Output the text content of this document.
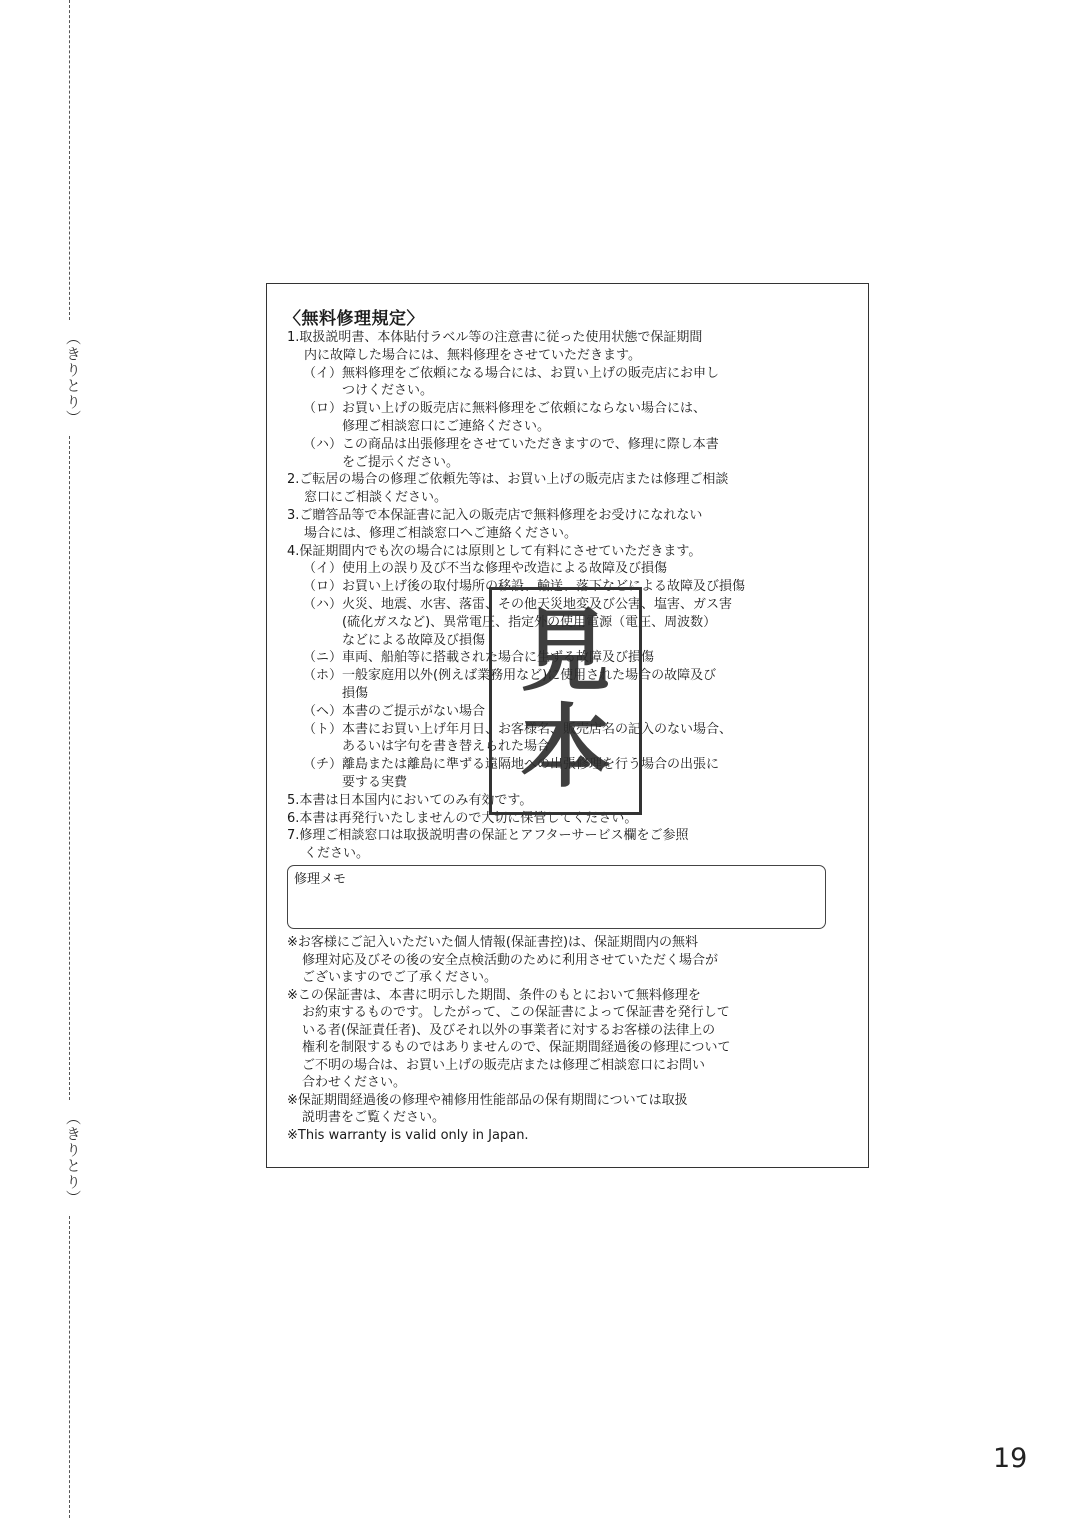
（きりとり）
（きりとり）
〈無料修理規定〉
1.取扱説明書、本体貼付ラベル等の注意書に従った使用状態で保証期間
内に故障した場合には、無料修理をさせていただきます。
（イ）無料修理をご依頼になる場合には、お買い上げの販売店にお申し
つけください。
（ロ）お買い上げの販売店に無料修理をご依頼にならない場合には、
修理ご相談窓口にご連絡ください。
（ハ）この商品は出張修理をさせていただきますので、修理に際し本書
をご提示ください。
2.ご転居の場合の修理ご依頼先等は、お買い上げの販売店または修理ご相談
窓口にご相談ください。
3.ご贈答品等で本保証書に記入の販売店で無料修理をお受けになれない
場合には、修理ご相談窓口へご連絡ください。
4.保証期間内でも次の場合には原則として有料にさせていただきます。
（イ）使用上の誤り及び不当な修理や改造による故障及び損傷
（ロ）お買い上げ後の取付場所の移設、輸送、落下などによる故障及び損傷
（ハ）火災、地震、水害、落雷、その他天災地変及び公害、塩害、ガス害
(硫化ガスなど)、異常電圧、指定外の使用電源（電圧、周波数）
などによる故障及び損傷
（ニ）車両、船舶等に搭載された場合に生ずる故障及び損傷
（ホ）一般家庭用以外(例えば業務用など)に使用された場合の故障及び
損傷
（ヘ）本書のご提示がない場合
（ト）本書にお買い上げ年月日、お客様名、販売店名の記入のない場合、
あるいは字句を書き替えられた場合
（チ）離島または離島に準ずる遠隔地への出張修理を行う場合の出張に
要する実費
5.本書は日本国内においてのみ有効です。
6.本書は再発行いたしませんので大切に保管してください。
7.修理ご相談窓口は取扱説明書の保証とアフターサービス欄をご参照
ください。
修理メモ
※お客様にご記入いただいた個人情報(保証書控)は、保証期間内の無料
修理対応及びその後の安全点検活動のために利用させていただく場合が
ございますのでご了承ください。
※この保証書は、本書に明示した期間、条件のもとにおいて無料修理を
お約束するものです。したがって、この保証書によって保証書を発行して
いる者(保証責任者)、及びそれ以外の事業者に対するお客様の法律上の
権利を制限するものではありませんので、保証期間経過後の修理について
ご不明の場合は、お買い上げの販売店または修理ご相談窓口にお問い
合わせください。
※保証期間経過後の修理や補修用性能部品の保有期間については取扱
説明書をご覧ください。
※This warranty is valid only in Japan.
見本
19
